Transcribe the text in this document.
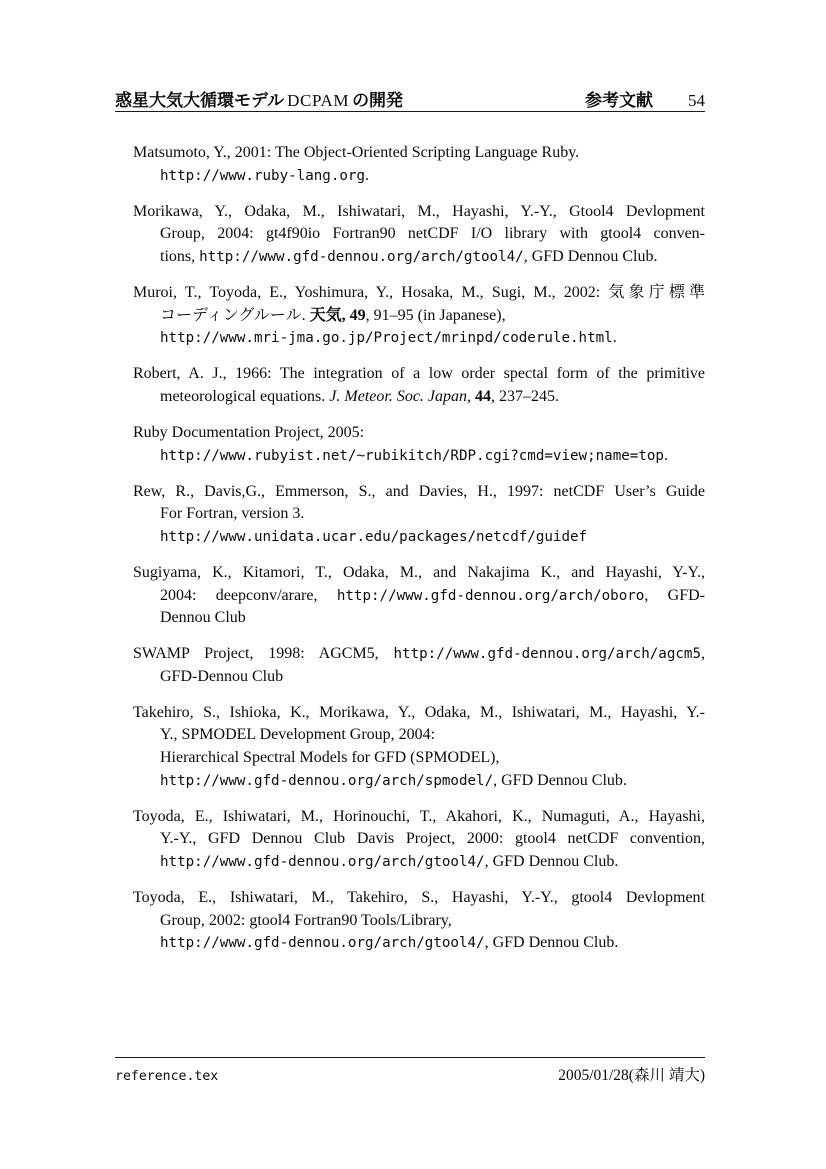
惑星大気大循環モデル DCPAM の開発	参考文献 54

Matsumoto, Y., 2001: The Object-Oriented Scripting Language Ruby.
http://www.ruby-lang.org.

Morikawa, Y., Odaka, M., Ishiwatari, M., Hayashi, Y.-Y., Gtool4 Devlopment
Group, 2004: gt4f90io Fortran90 netCDF I/O library with gtool4 conven-
tions, http://www.gfd-dennou.org/arch/gtool4/, GFD Dennou Club.

Muroi, T., Toyoda, E., Yoshimura, Y., Hosaka, M., Sugi, M., 2002: 気象庁標準
コーディングルール. 天気, 49, 91–95 (in Japanese),
http://www.mri-jma.go.jp/Project/mrinpd/coderule.html.

Robert, A. J., 1966: The integration of a low order spectal form of the primitive
meteorological equations. J. Meteor. Soc. Japan, 44, 237–245.

Ruby Documentation Project, 2005:
http://www.rubyist.net/~rubikitch/RDP.cgi?cmd=view;name=top.

Rew, R., Davis,G., Emmerson, S., and Davies, H., 1997: netCDF User’s Guide
For Fortran, version 3.
http://www.unidata.ucar.edu/packages/netcdf/guidef

Sugiyama, K., Kitamori, T., Odaka, M., and Nakajima K., and Hayashi, Y-Y.,
2004: deepconv/arare, http://www.gfd-dennou.org/arch/oboro, GFD-
Dennou Club

SWAMP Project, 1998: AGCM5, http://www.gfd-dennou.org/arch/agcm5,
GFD-Dennou Club

Takehiro, S., Ishioka, K., Morikawa, Y., Odaka, M., Ishiwatari, M., Hayashi, Y.-
Y., SPMODEL Development Group, 2004:
Hierarchical Spectral Models for GFD (SPMODEL),
http://www.gfd-dennou.org/arch/spmodel/, GFD Dennou Club.

Toyoda, E., Ishiwatari, M., Horinouchi, T., Akahori, K., Numaguti, A., Hayashi,
Y.-Y., GFD Dennou Club Davis Project, 2000: gtool4 netCDF convention,
http://www.gfd-dennou.org/arch/gtool4/, GFD Dennou Club.

Toyoda, E., Ishiwatari, M., Takehiro, S., Hayashi, Y.-Y., gtool4 Devlopment
Group, 2002: gtool4 Fortran90 Tools/Library,
http://www.gfd-dennou.org/arch/gtool4/, GFD Dennou Club.

reference.tex	2005/01/28(森川 靖大)
